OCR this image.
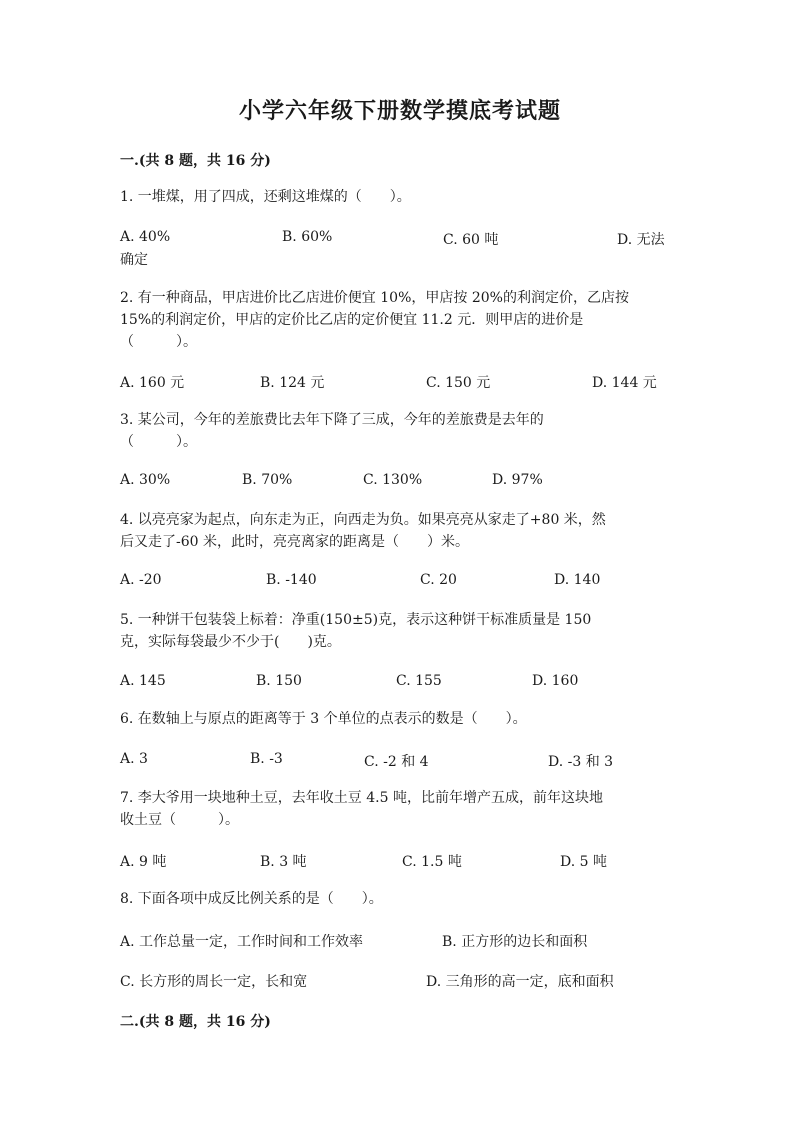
小学六年级下册数学摸底考试题
一.(共 8 题，共 16 分)
1. 一堆煤，用了四成，还剩这堆煤的（　　）。
A. 40%	B. 60%	C. 60 吨	D. 无法
确定
2. 有一种商品，甲店进价比乙店进价便宜 10%，甲店按 20%的利润定价，乙店按
15%的利润定价，甲店的定价比乙店的定价便宜 11.2 元．则甲店的进价是
（　　　）。
A. 160 元	B. 124 元	C. 150 元	D. 144 元
3. 某公司，今年的差旅费比去年下降了三成，今年的差旅费是去年的
（　　　）。
A. 30%	B. 70%	C. 130%	D. 97%
4. 以亮亮家为起点，向东走为正，向西走为负。如果亮亮从家走了+80 米，然
后又走了-60 米，此时，亮亮离家的距离是（　　）米。
A. -20	B. -140	C. 20	D. 140
5. 一种饼干包装袋上标着：净重(150±5)克，表示这种饼干标准质量是 150
克，实际每袋最少不少于(　　)克。
A. 145	B. 150	C. 155	D. 160
6. 在数轴上与原点的距离等于 3 个单位的点表示的数是（　　）。
A. 3	B. -3	C. -2 和 4	D. -3 和 3
7. 李大爷用一块地种土豆，去年收土豆 4.5 吨，比前年增产五成，前年这块地
收土豆（　　　）。
A. 9 吨	B. 3 吨	C. 1.5 吨	D. 5 吨
8. 下面各项中成反比例关系的是（　　）。
A. 工作总量一定，工作时间和工作效率	B. 正方形的边长和面积
C. 长方形的周长一定，长和宽	D. 三角形的高一定，底和面积
二.(共 8 题，共 16 分)
